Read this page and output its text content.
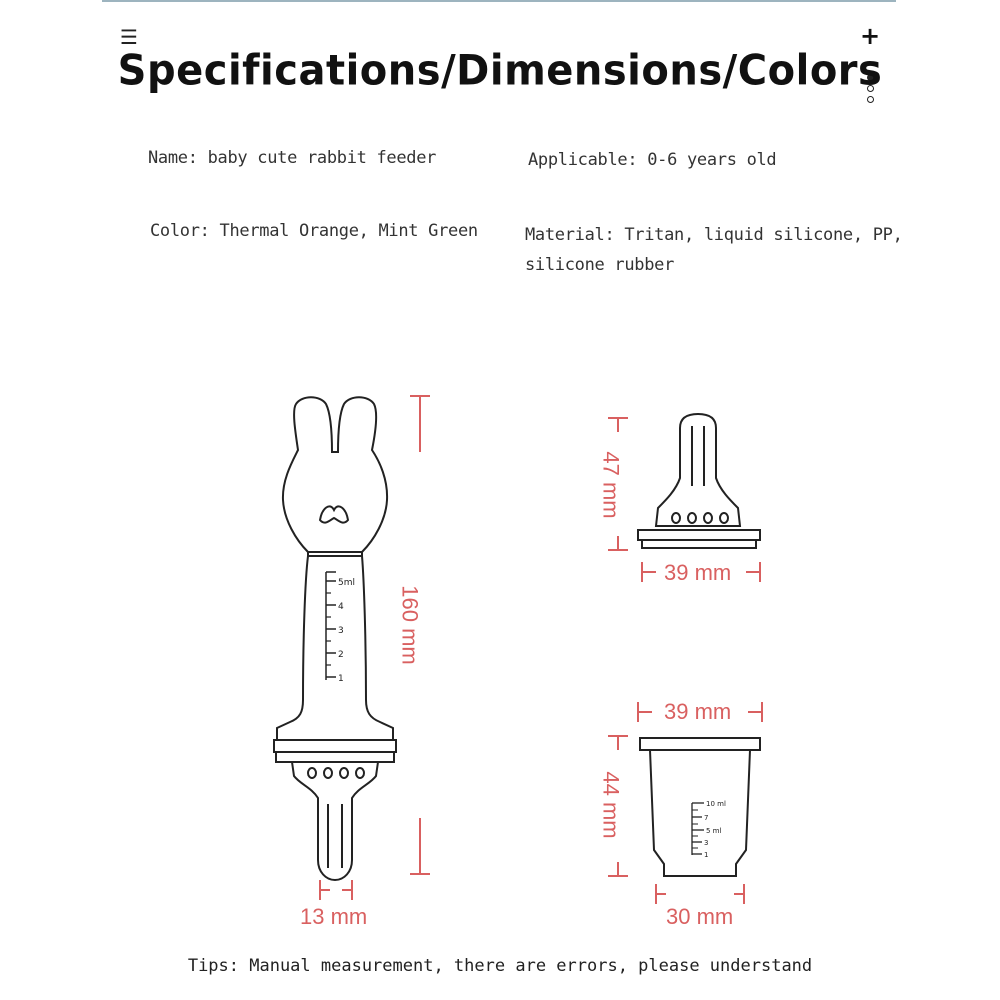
☰	+
Specifications/Dimensions/Colors
Name: baby cute rabbit feeder	Applicable: 0-6 years old
Color: Thermal Orange, Mint Green	Material: Tritan, liquid silicone, PP,
silicone rubber
5ml
4
3
2
1
10 ml
7
5 ml
3
1
160 mm
13 mm
47 mm
39 mm
39 mm
44 mm
30 mm
Tips: Manual measurement, there are errors, please understand
